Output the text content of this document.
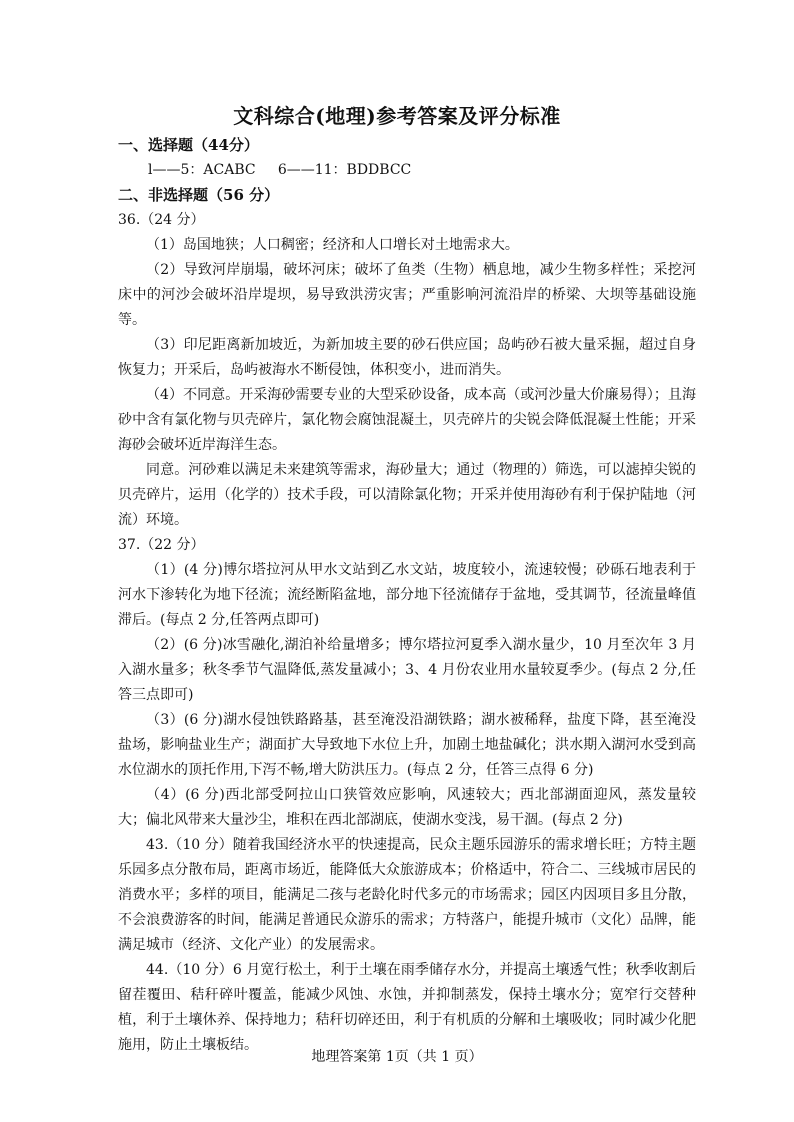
文科综合(地理)参考答案及评分标准
一、选择题（44分）
l——5：ACABC     6——11：BDDBCC
二、非选择题（56 分）
36.（24 分）
（1）岛国地狭；人口稠密；经济和人口增长对土地需求大。
（2）导致河岸崩塌，破坏河床；破坏了鱼类（生物）栖息地，减少生物多样性；采挖河床中的河沙会破坏沿岸堤坝，易导致洪涝灾害；严重影响河流沿岸的桥梁、大坝等基础设施等。
（3）印尼距离新加坡近，为新加坡主要的砂石供应国；岛屿砂石被大量采掘，超过自身恢复力；开采后，岛屿被海水不断侵蚀，体积变小，进而消失。
（4）不同意。开采海砂需要专业的大型采砂设备，成本高（或河沙量大价廉易得）；且海砂中含有氯化物与贝壳碎片，氯化物会腐蚀混凝土，贝壳碎片的尖锐会降低混凝土性能；开采海砂会破坏近岸海洋生态。
同意。河砂难以满足未来建筑等需求，海砂量大；通过（物理的）筛选，可以滤掉尖锐的贝壳碎片，运用（化学的）技术手段，可以清除氯化物；开采并使用海砂有利于保护陆地（河流）环境。
37.（22 分）
（1）(4 分)博尔塔拉河从甲水文站到乙水文站，坡度较小，流速较慢；砂砾石地表利于河水下渗转化为地下径流；流经断陷盆地，部分地下径流储存于盆地，受其调节，径流量峰值滞后。(每点 2 分,任答两点即可)
（2）(6 分)冰雪融化,湖泊补给量增多；博尔塔拉河夏季入湖水量少，10 月至次年 3 月入湖水量多；秋冬季节气温降低,蒸发量减小；3、4 月份农业用水量较夏季少。(每点 2 分,任答三点即可)
（3）(6 分)湖水侵蚀铁路路基，甚至淹没沿湖铁路；湖水被稀释，盐度下降，甚至淹没盐场，影响盐业生产；湖面扩大导致地下水位上升，加剧土地盐碱化；洪水期入湖河水受到高水位湖水的顶托作用,下泻不畅,增大防洪压力。(每点 2 分，任答三点得 6 分)
（4）(6 分)西北部受阿拉山口狭管效应影响，风速较大；西北部湖面迎风，蒸发量较大；偏北风带来大量沙尘，堆积在西北部湖底，使湖水变浅，易干涸。(每点 2 分)
43.（10 分）随着我国经济水平的快速提高，民众主题乐园游乐的需求增长旺；方特主题乐园多点分散布局，距离市场近，能降低大众旅游成本；价格适中，符合二、三线城市居民的消费水平；多样的项目，能满足二孩与老龄化时代多元的市场需求；园区内因项目多且分散，不会浪费游客的时间，能满足普通民众游乐的需求；方特落户，能提升城市（文化）品牌，能满足城市（经济、文化产业）的发展需求。
44.（10 分）6 月宽行松土，利于土壤在雨季储存水分，并提高土壤透气性；秋季收割后留茬覆田、秸秆碎叶覆盖，能减少风蚀、水蚀，并抑制蒸发，保持土壤水分；宽窄行交替种植，利于土壤休养、保持地力；秸秆切碎还田，利于有机质的分解和土壤吸收；同时减少化肥施用，防止土壤板结。
地理答案第 1页（共 1 页）
